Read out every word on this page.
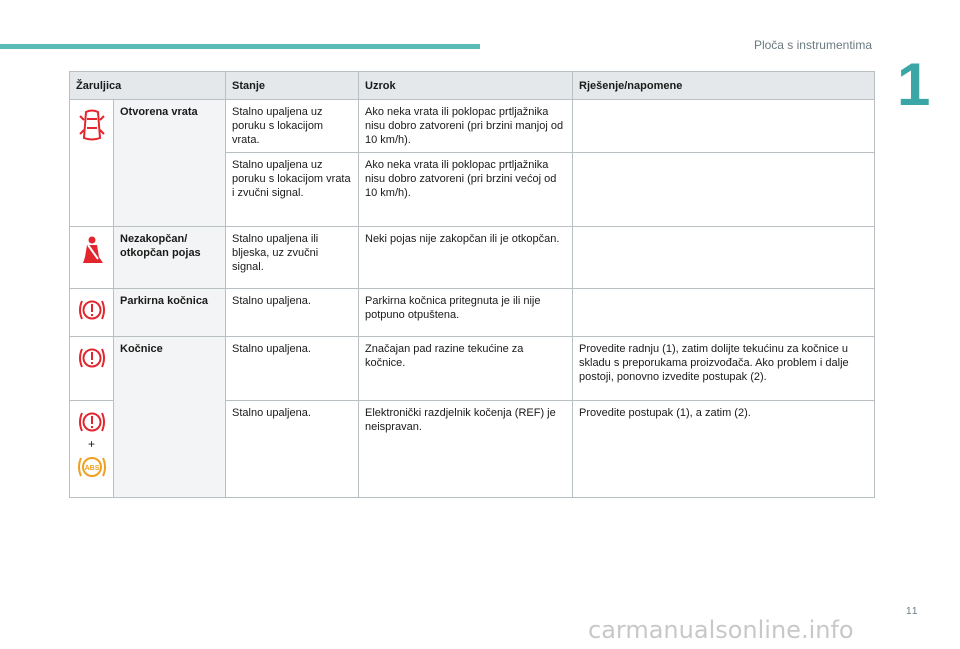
Ploča s instrumentima
1
Žaruljica		Stanje	Uzrok	Rješenje/napomene
	Otvorena vrata	Stalno upaljena uz poruku s lokacijom vrata.	Ako neka vrata ili poklopac prtljažnika nisu dobro zatvoreni (pri brzini manjoj od 10 km/h).	
		Stalno upaljena uz poruku s lokacijom vrata i zvučni signal.	Ako neka vrata ili poklopac prtljažnika nisu dobro zatvoreni (pri brzini većoj od 10 km/h).	
	Nezakopčan/ otkopčan pojas	Stalno upaljena ili bljeska, uz zvučni signal.	Neki pojas nije zakopčan ili je otkopčan.	
	Parkirna kočnica	Stalno upaljena.	Parkirna kočnica pritegnuta je ili nije potpuno otpuštena.	
	Kočnice	Stalno upaljena.	Značajan pad razine tekućine za kočnice.	Provedite radnju (1), zatim dolijte tekućinu za kočnice u skladu s preporukama proizvođača. Ako problem i dalje postoji, ponovno izvedite postupak (2).

+
ABS		Stalno upaljena.	Elektronički razdjelnik kočenja (REF) je neispravan.	Provedite postupak (1), a zatim (2).
11
carmanualsonline.info
